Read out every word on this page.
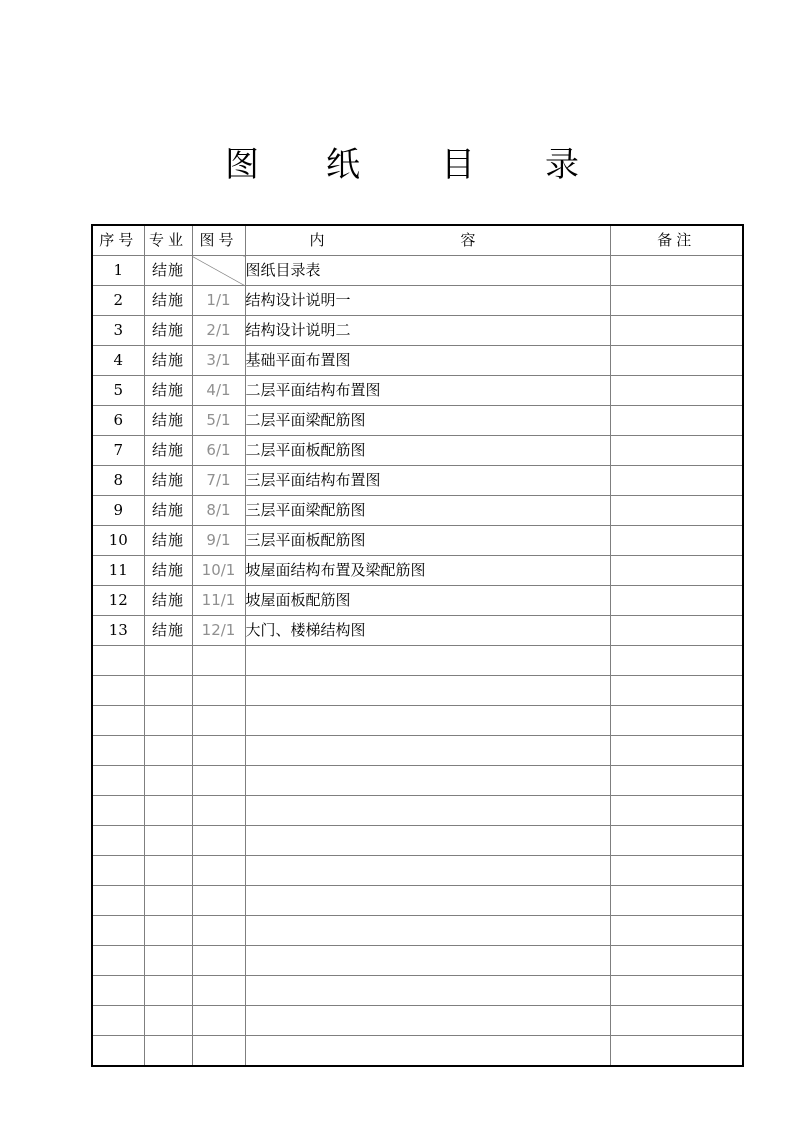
图 纸 目 录
序号	专业	图号	内 容	备注
1	结施		图纸目录表	
2	结施	1/1	结构设计说明一	
3	结施	2/1	结构设计说明二	
4	结施	3/1	基础平面布置图	
5	结施	4/1	二层平面结构布置图	
6	结施	5/1	二层平面梁配筋图	
7	结施	6/1	二层平面板配筋图	
8	结施	7/1	三层平面结构布置图	
9	结施	8/1	三层平面梁配筋图	
10	结施	9/1	三层平面板配筋图	
11	结施	10/1	坡屋面结构布置及梁配筋图	
12	结施	11/1	坡屋面板配筋图	
13	结施	12/1	大门、楼梯结构图	
